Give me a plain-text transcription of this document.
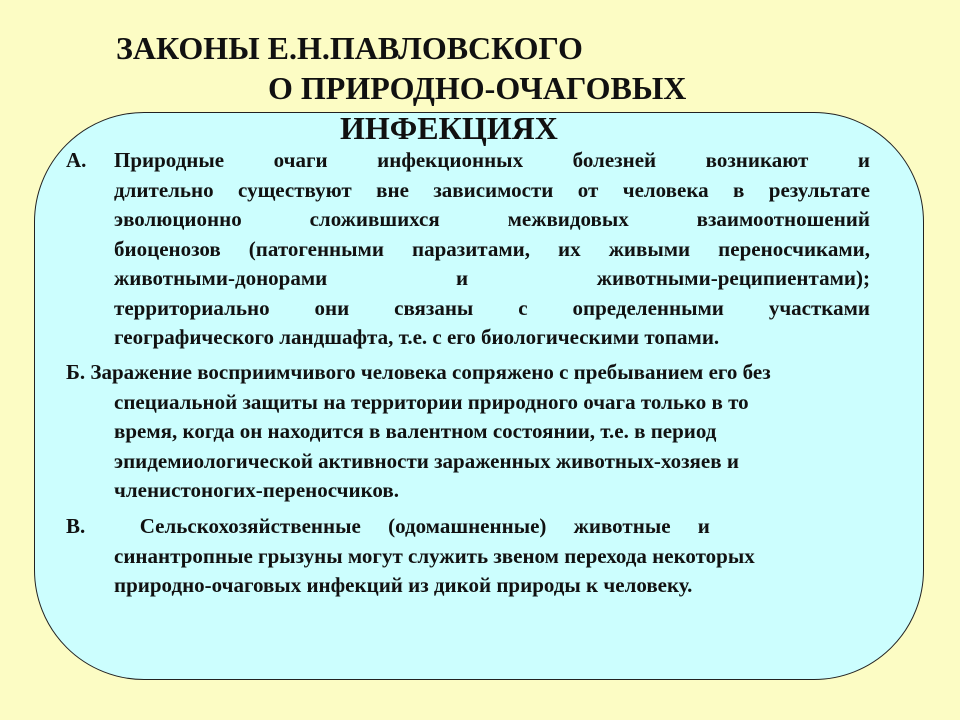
ЗАКОНЫ Е.Н.ПАВЛОВСКОГО
О ПРИРОДНО-ОЧАГОВЫХ
ИНФЕКЦИЯХ
А. Природные очаги инфекционных болезней возникают и
длительно существуют вне зависимости от человека в результате
эволюционно сложившихся межвидовых взаимоотношений
биоценозов (патогенными паразитами, их живыми переносчиками,
животными-донорами и животными-реципиентами);
территориально они связаны с определенными участками
географического ландшафта, т.е. с его биологическими топами.
Б. Заражение восприимчивого человека сопряжено с пребыванием его без
специальной защиты на территории природного очага только в то
время, когда он находится в валентном состоянии, т.е. в период
эпидемиологической активности зараженных животных-хозяев и
членистоногих-переносчиков.
В.  Сельскохозяйственные (одомашненные) животные и
синантропные грызуны могут служить звеном перехода некоторых
природно-очаговых инфекций из дикой природы к человеку.
